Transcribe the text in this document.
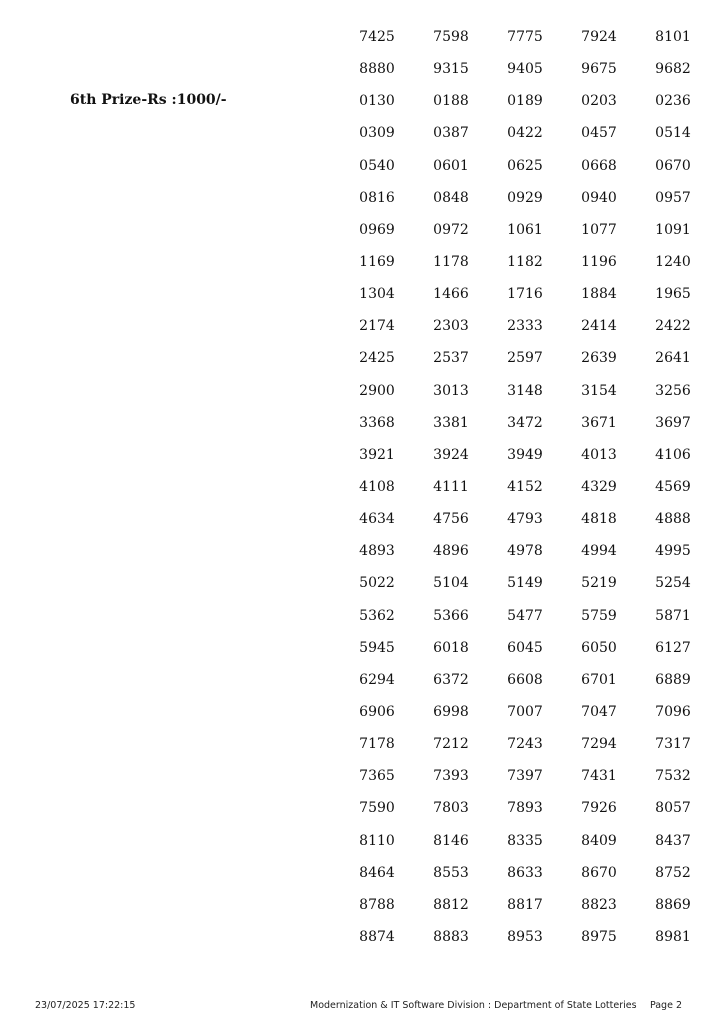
6th Prize-Rs :1000/-
7425	7598	7775	7924	8101
8880	9315	9405	9675	9682
0130	0188	0189	0203	0236
0309	0387	0422	0457	0514
0540	0601	0625	0668	0670
0816	0848	0929	0940	0957
0969	0972	1061	1077	1091
1169	1178	1182	1196	1240
1304	1466	1716	1884	1965
2174	2303	2333	2414	2422
2425	2537	2597	2639	2641
2900	3013	3148	3154	3256
3368	3381	3472	3671	3697
3921	3924	3949	4013	4106
4108	4111	4152	4329	4569
4634	4756	4793	4818	4888
4893	4896	4978	4994	4995
5022	5104	5149	5219	5254
5362	5366	5477	5759	5871
5945	6018	6045	6050	6127
6294	6372	6608	6701	6889
6906	6998	7007	7047	7096
7178	7212	7243	7294	7317
7365	7393	7397	7431	7532
7590	7803	7893	7926	8057
8110	8146	8335	8409	8437
8464	8553	8633	8670	8752
8788	8812	8817	8823	8869
8874	8883	8953	8975	8981
23/07/2025 17:22:15	Modernization & IT Software Division : Department of State Lotteries Page 2
